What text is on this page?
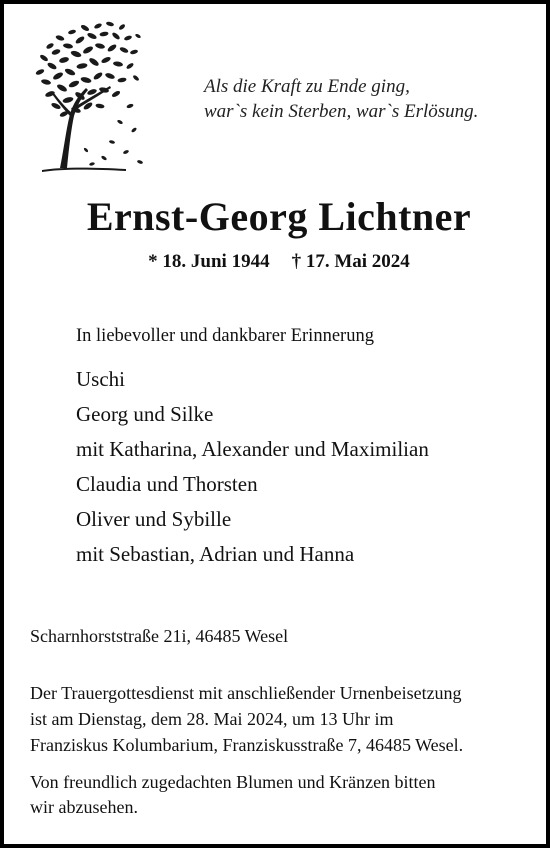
Als die Kraft zu Ende ging,
war`s kein Sterben, war`s Erlösung.
Ernst-Georg Lichtner
* 18. Juni 1944 † 17. Mai 2024
In liebevoller und dankbarer Erinnerung
Uschi
Georg und Silke
mit Katharina, Alexander und Maximilian
Claudia und Thorsten
Oliver und Sybille
mit Sebastian, Adrian und Hanna
Scharnhorststraße 21i, 46485 Wesel
Der Trauergottesdienst mit anschließender Urnenbeisetzung
ist am Dienstag, dem 28. Mai 2024, um 13 Uhr im
Franziskus Kolumbarium, Franziskusstraße 7, 46485 Wesel.
Von freundlich zugedachten Blumen und Kränzen bitten
wir abzusehen.
